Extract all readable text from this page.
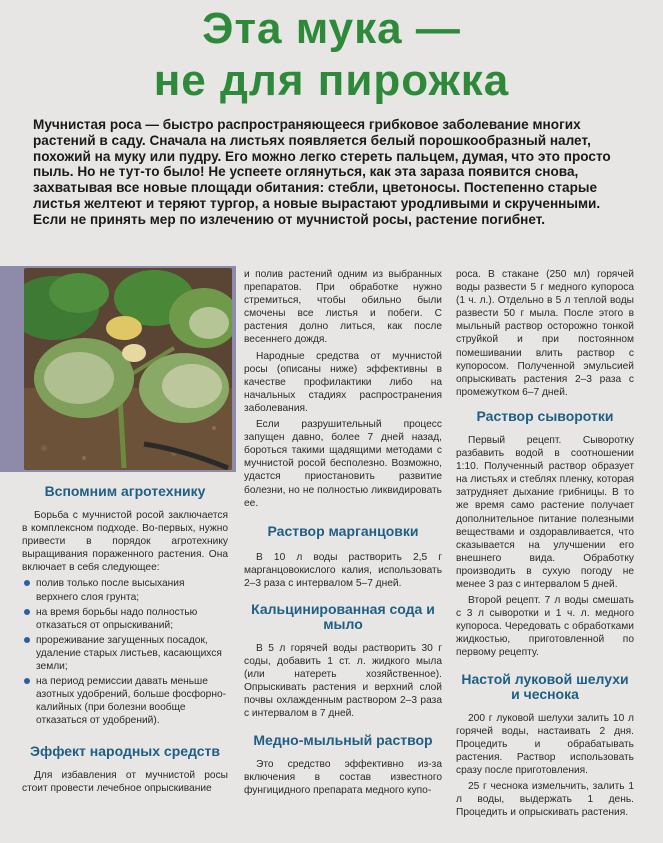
Эта мука —
не для пирожка
Мучнистая роса — быстро распространяющееся грибковое заболевание многих растений в саду. Сначала на листьях появляется белый порошкообразный налет, похожий на муку или пудру. Его можно легко стереть пальцем, думая, что это просто пыль. Но не тут-то было! Не успеете оглянуться, как эта зараза появится снова, захватывая все новые площади обитания: стебли, цветоносы. Постепенно старые листья желтеют и теряют тургор, а новые вырастают уродливыми и скрученными. Если не принять мер по излечению от мучнистой росы, растение погибнет.
Вспомним агротехнику

Борьба с мучнистой росой заключается в комплексном подходе. Во-первых, нужно привести в порядок агротехнику выращивания пораженного растения. Она включает в себя следующее:

полив только после высыхания верхнего слоя грунта;
на время борьбы надо полностью отказаться от опрыскиваний;
прореживание загущенных посадок, удаление старых листьев, касающихся земли;
на период ремиссии давать меньше азотных удобрений, больше фосфорно-калийных (при болезни вообще отказаться от удобрений).
Эффект народных средств

Для избавления от мучнистой росы стоит провести лечебное опрыскивание

и полив растений одним из выбранных препаратов. При обработке нужно стремиться, чтобы обильно были смочены все листья и побеги. С растения долно литься, как после весеннего дождя.

Народные средства от мучнистой росы (описаны ниже) эффективны в качестве профилактики либо на начальных стадиях распространения заболевания.

Если разрушительный процесс запущен давно, более 7 дней назад, бороться такими щадящими методами с мучнистой росой бесполезно. Возможно, удастся приостановить развитие болезни, но не полностью ликвидировать ее.

Раствор марганцовки

В 10 л воды растворить 2,5 г марганцовокислого калия, использовать 2–3 раза с интервалом 5–7 дней.

Кальцинированная сода и мыло

В 5 л горячей воды растворить 30 г соды, добавить 1 ст. л. жидкого мыла (или натереть хозяйственное). Опрыскивать растения и верхний слой почвы охлажденным раствором 2–3 раза с интервалом в 7 дней.

Медно-мыльный раствор

Это средство эффективно из-за включения в состав известного фунгицидного препарата медного купо-

роса. В стакане (250 мл) горячей воды развести 5 г медного купороса (1 ч. л.). Отдельно в 5 л теплой воды развести 50 г мыла. После этого в мыльный раствор осторожно тонкой струйкой и при постоянном помешивании влить раствор с купоросом. Полученной эмульсией опрыскивать растения 2–3 раза с промежутком 6–7 дней.

Раствор сыворотки

Первый рецепт. Сыворотку разбавить водой в соотношении 1:10. Полученный раствор образует на листьях и стеблях пленку, которая затрудняет дыхание грибницы. В то же время само растение получает дополнительное питание полезными веществами и оздоравливается, что сказывается на улучшении его внешнего вида. Обработку производить в сухую погоду не менее 3 раз с интервалом 5 дней.

Второй рецепт. 7 л воды смешать с 3 л сыворотки и 1 ч. л. медного купороса. Чередовать с обработками жидкостью, приготовленной по первому рецепту.

Настой луковой шелухи и чеснока

200 г луковой шелухи залить 10 л горячей воды, настаивать 2 дня. Процедить и обрабатывать растения. Раствор использовать сразу после приготовления.

25 г чеснока измельчить, залить 1 л воды, выдержать 1 день. Процедить и опрыскивать растения.
